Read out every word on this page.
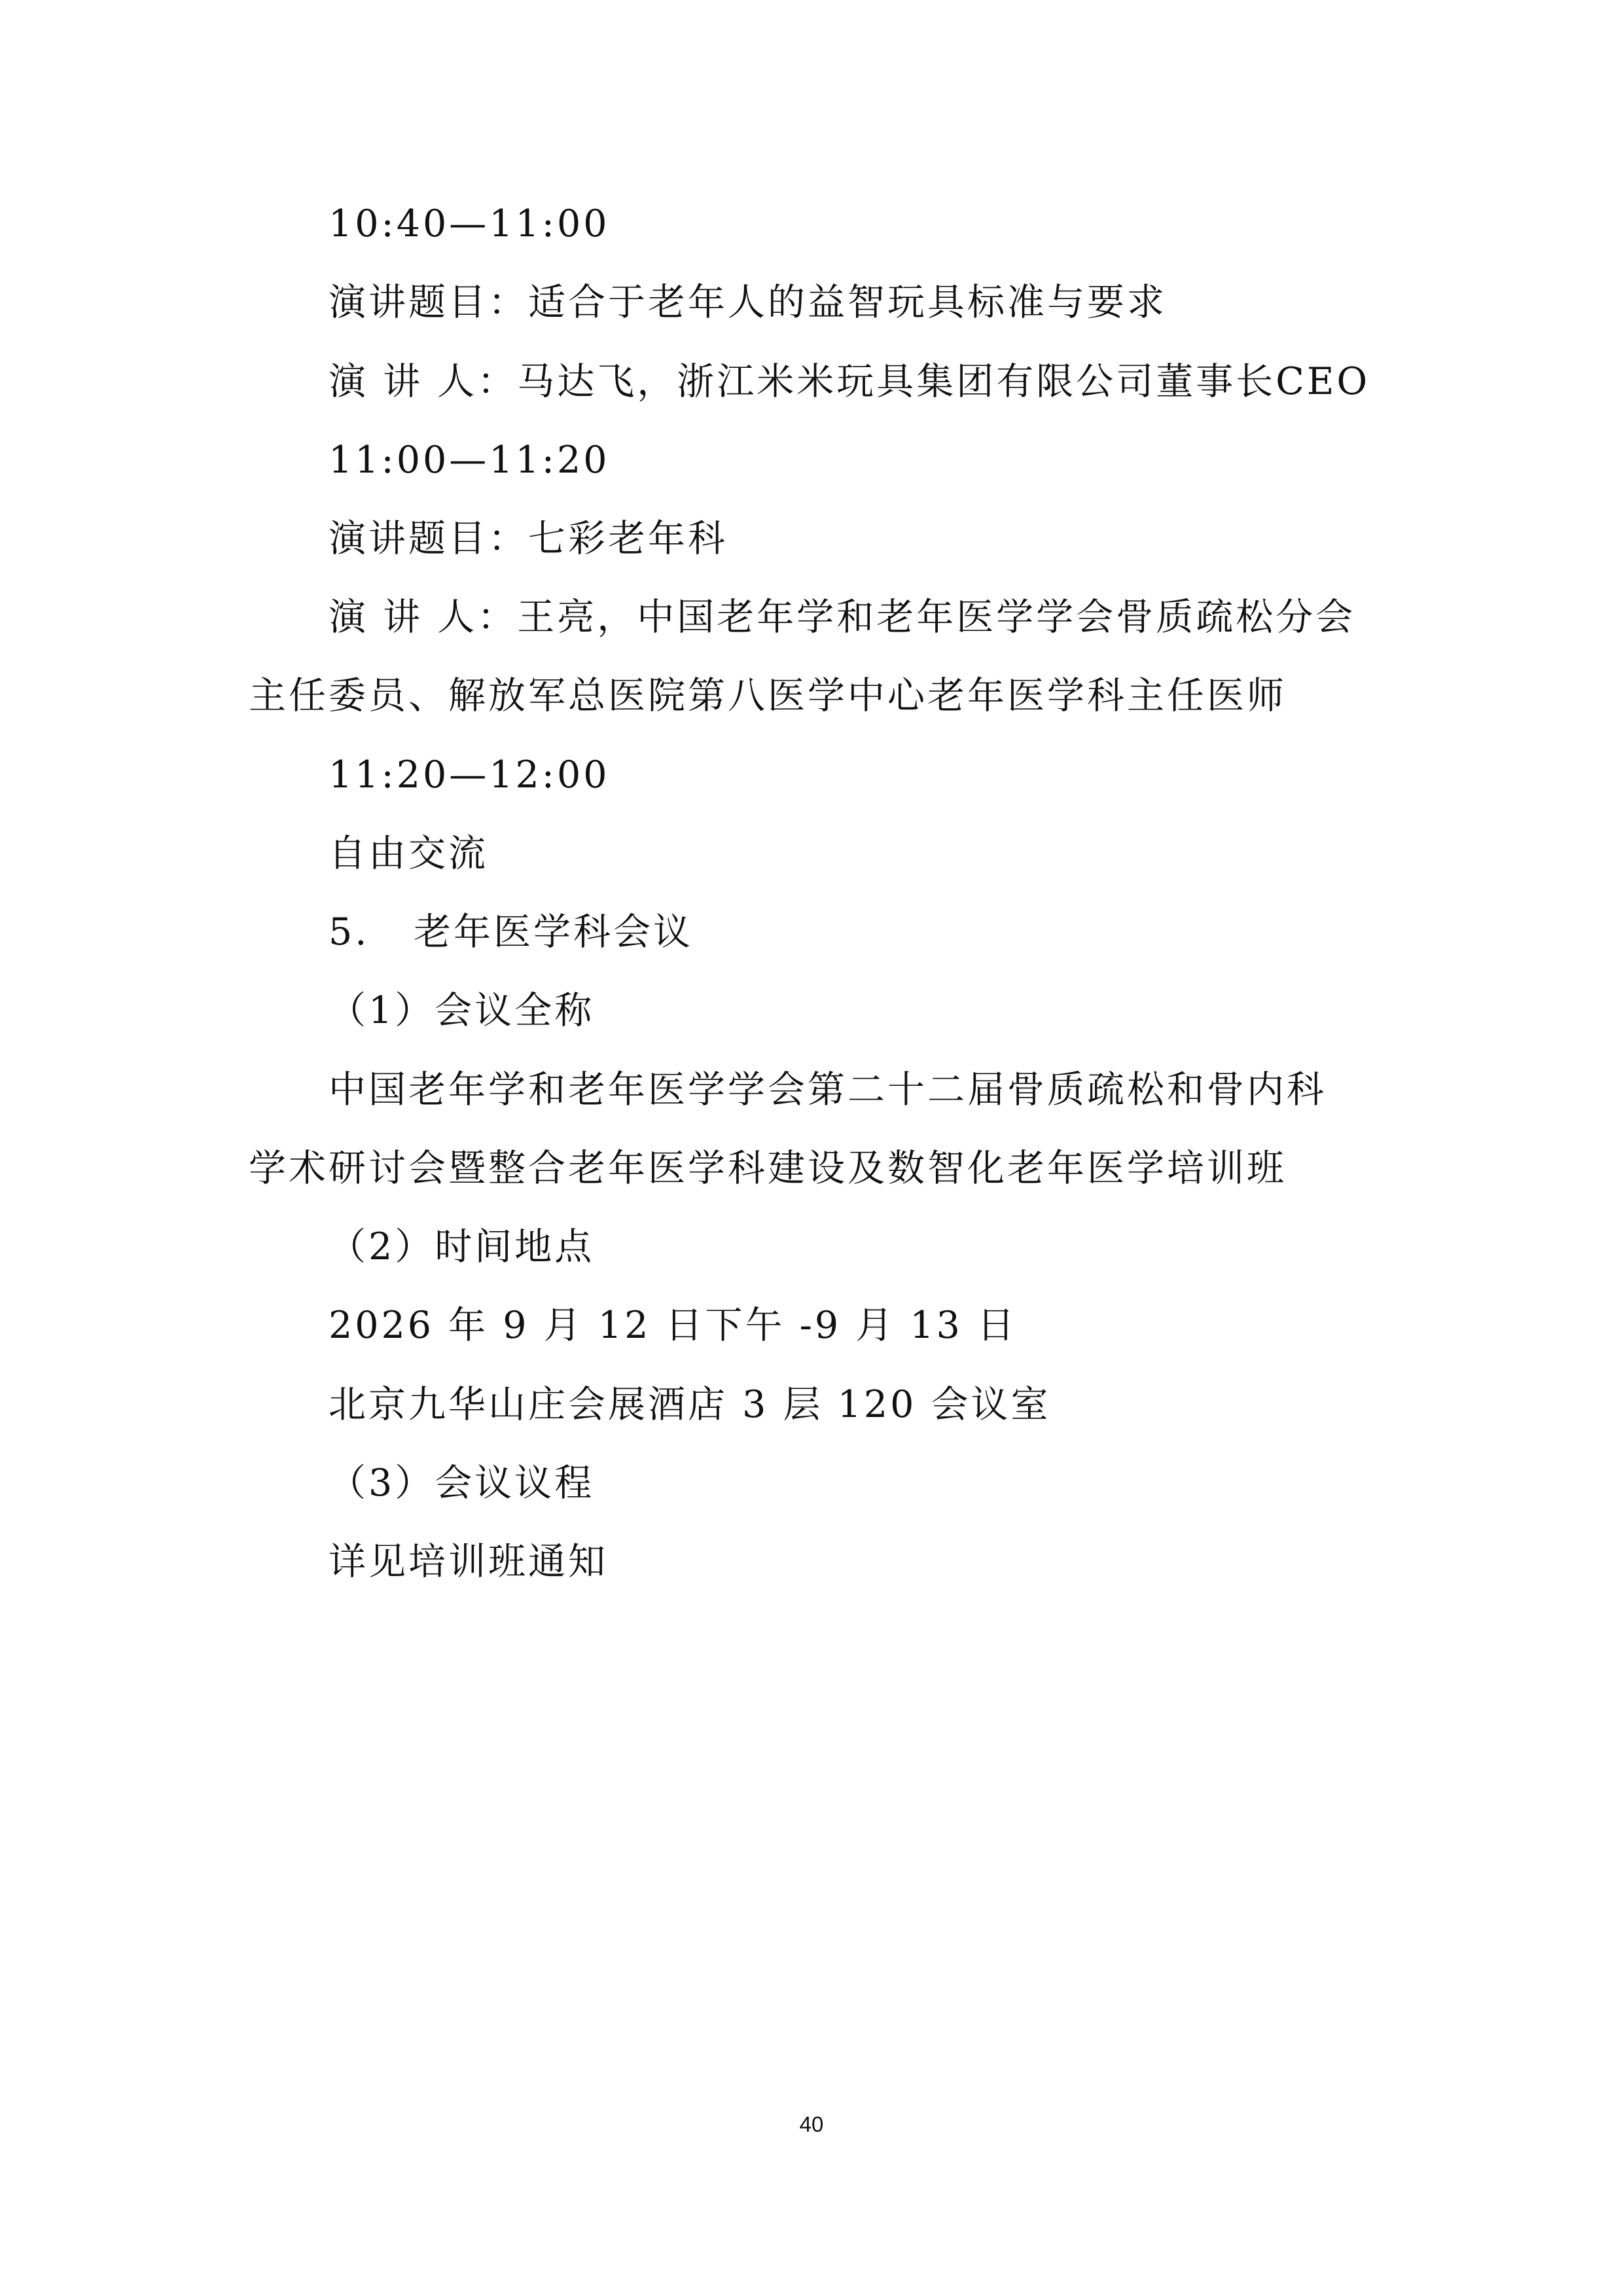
10:40—11:00
演讲题目：适合于老年人的益智玩具标准与要求
演 讲 人：马达飞，浙江米米玩具集团有限公司董事长CEO
11:00—11:20
演讲题目：七彩老年科
演 讲 人：王亮，中国老年学和老年医学学会骨质疏松分会
主任委员、解放军总医院第八医学中心老年医学科主任医师
11:20—12:00
自由交流
5. 老年医学科会议
（1）会议全称
中国老年学和老年医学学会第二十二届骨质疏松和骨内科
学术研讨会暨整合老年医学科建设及数智化老年医学培训班
（2）时间地点
2026 年 9 月 12 日下午 -9 月 13 日
北京九华山庄会展酒店 3 层 120 会议室
（3）会议议程
详见培训班通知
40
